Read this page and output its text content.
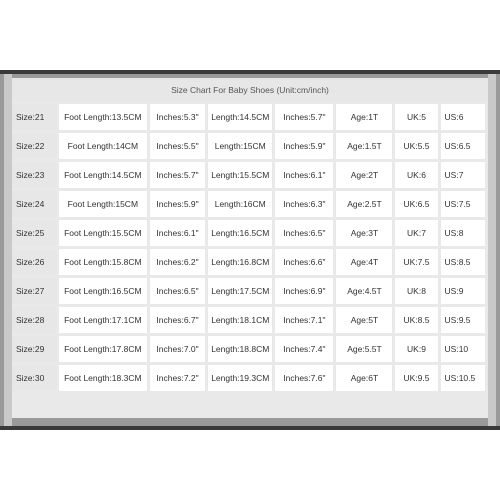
Size Chart For Baby Shoes (Unit:cm/inch)
Size:21	Foot Length:13.5CM	Inches:5.3"	Length:14.5CM	Inches:5.7"	Age:1T	UK:5	US:6
Size:22	Foot Length:14CM	Inches:5.5"	Length:15CM	Inches:5.9"	Age:1.5T	UK:5.5	US:6.5
Size:23	Foot Length:14.5CM	Inches:5.7"	Length:15.5CM	Inches:6.1"	Age:2T	UK:6	US:7
Size:24	Foot Length:15CM	Inches:5.9"	Length:16CM	Inches:6.3"	Age:2.5T	UK:6.5	US:7.5
Size:25	Foot Length:15.5CM	Inches:6.1"	Length:16.5CM	Inches:6.5"	Age:3T	UK:7	US:8
Size:26	Foot Length:15.8CM	Inches:6.2"	Length:16.8CM	Inches:6.6"	Age:4T	UK:7.5	US:8.5
Size:27	Foot Length:16.5CM	Inches:6.5"	Length:17.5CM	Inches:6.9"	Age:4.5T	UK:8	US:9
Size:28	Foot Length:17.1CM	Inches:6.7"	Length:18.1CM	Inches:7.1"	Age:5T	UK:8.5	US:9.5
Size:29	Foot Length:17.8CM	Inches:7.0"	Length:18.8CM	Inches:7.4"	Age:5.5T	UK:9	US:10
Size:30	Foot Length:18.3CM	Inches:7.2"	Length:19.3CM	Inches:7.6"	Age:6T	UK:9.5	US:10.5
